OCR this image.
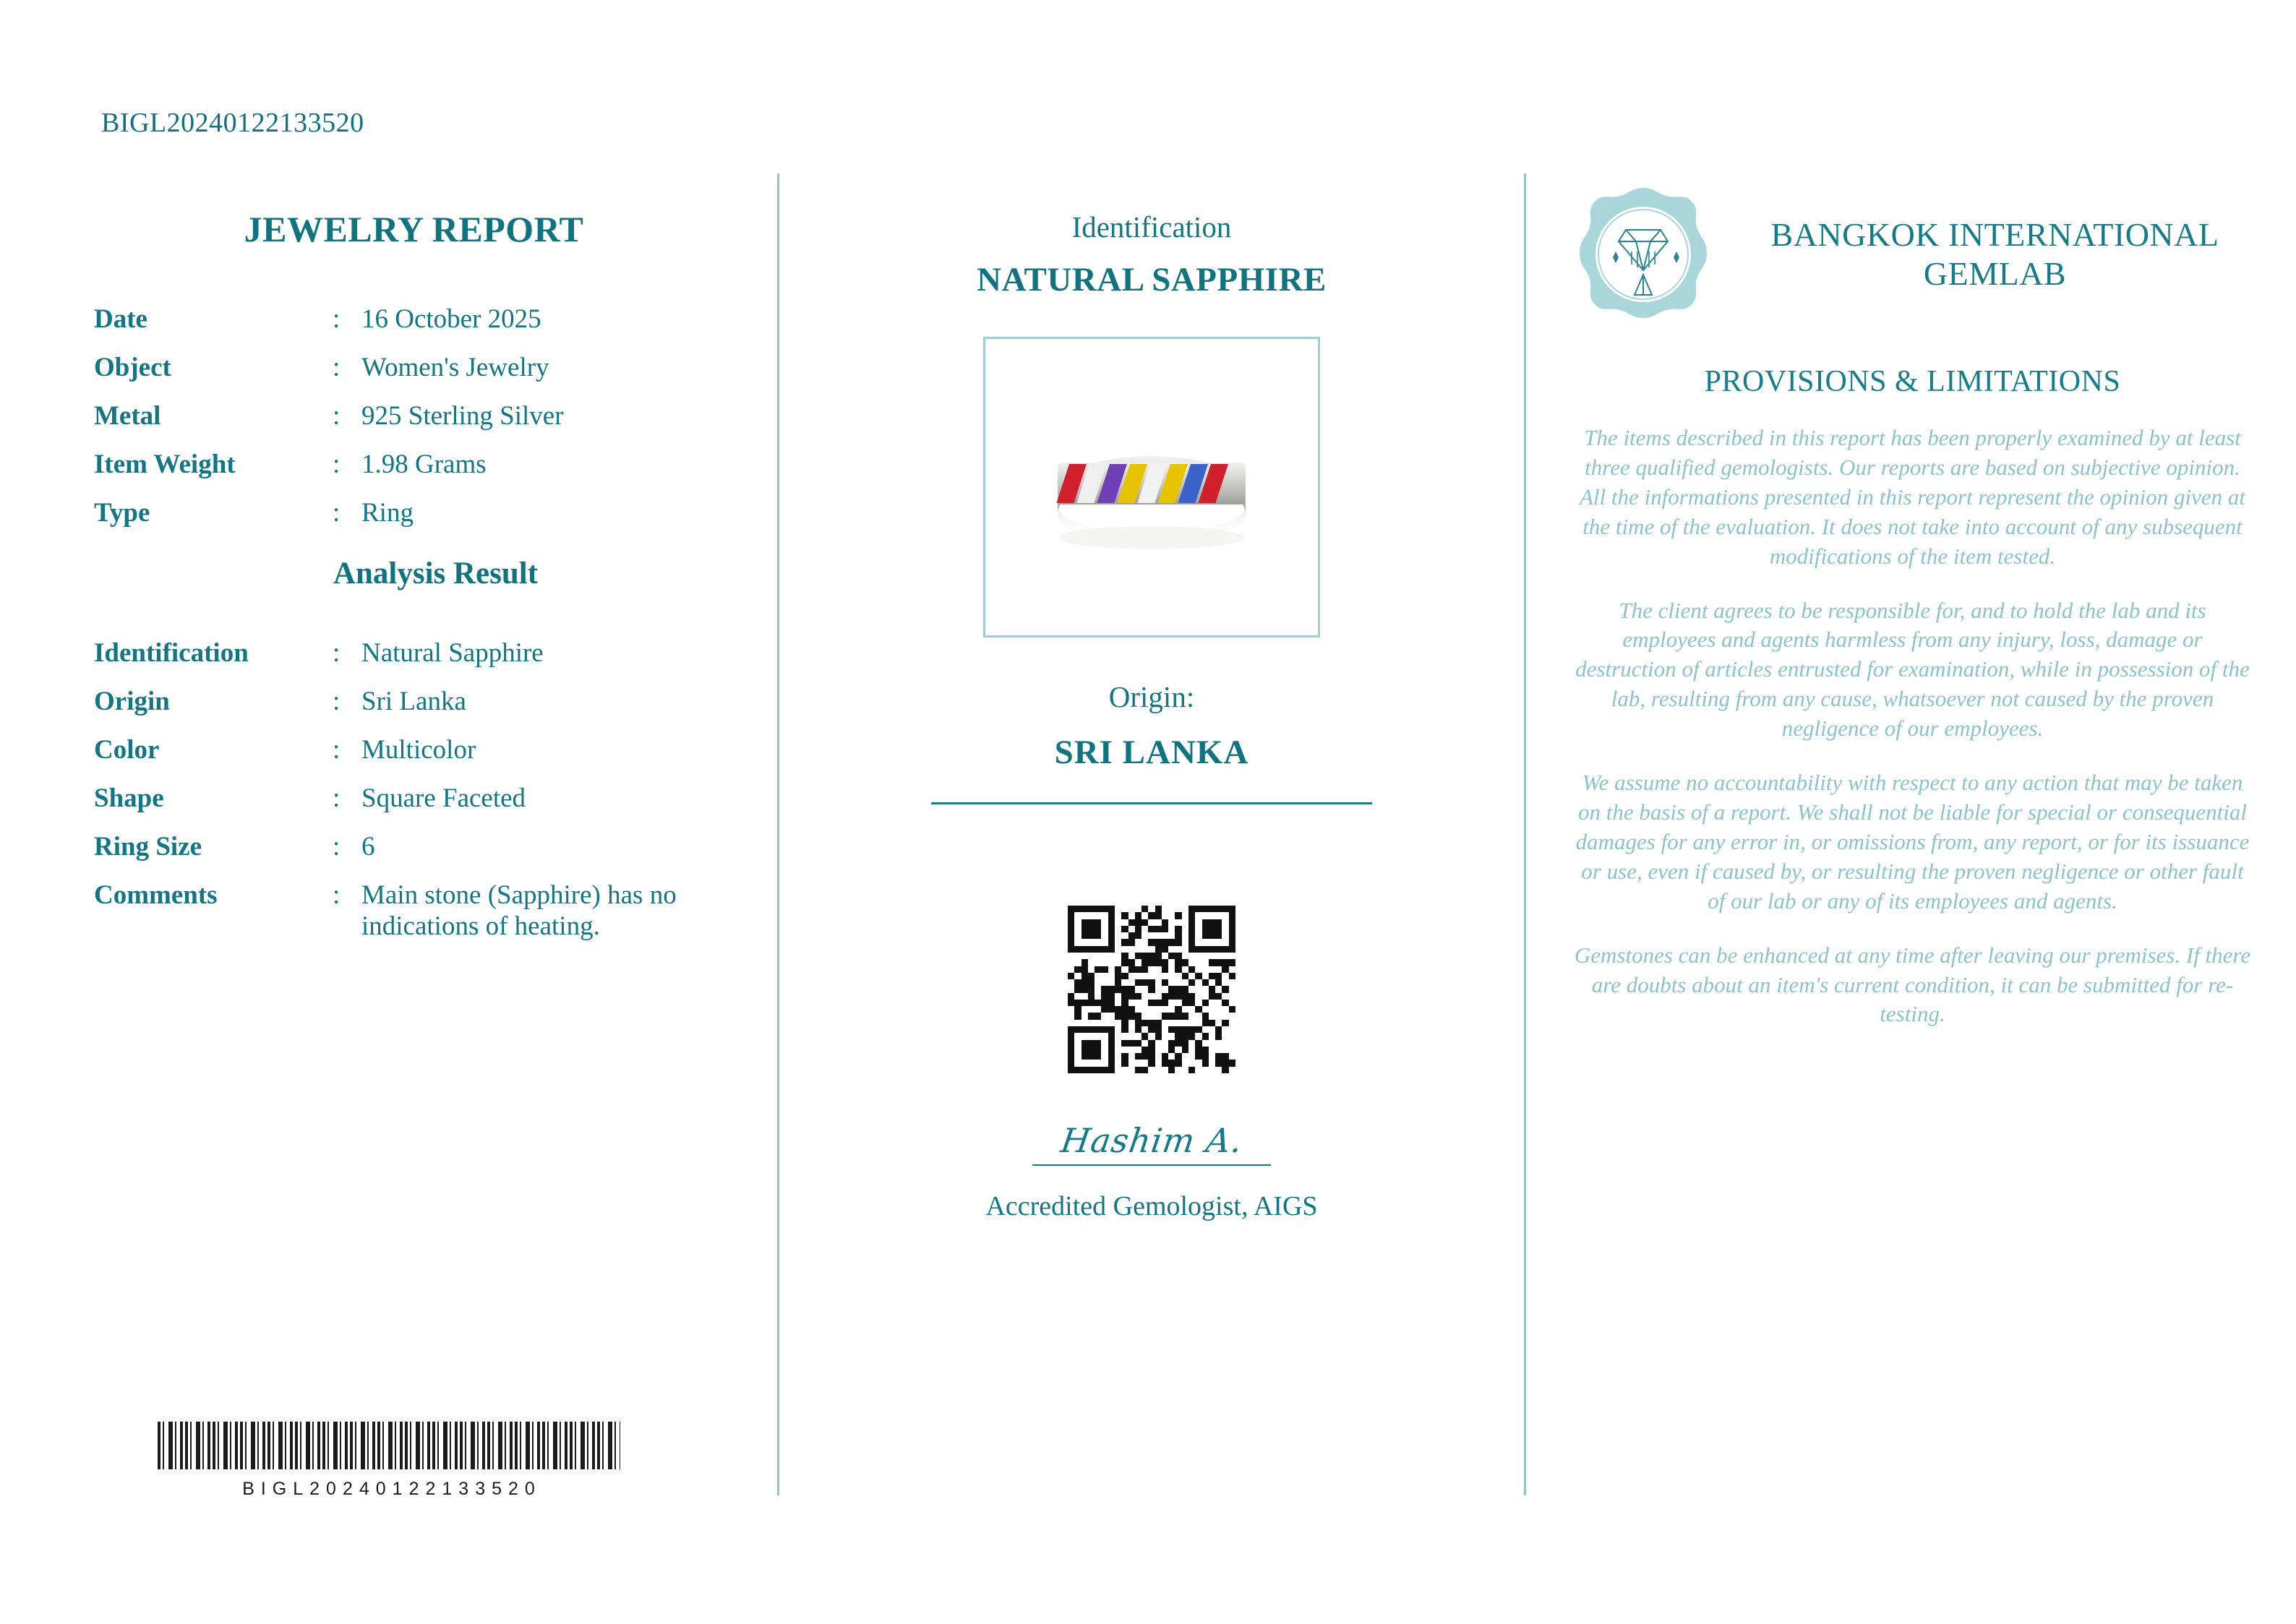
BIGL20240122133520
JEWELRY REPORT
Date	:	16 October 2025
Object	:	Women's Jewelry
Metal	:	925 Sterling Silver
Item Weight	:	1.98 Grams
Type	:	Ring
Analysis Result
Identification	:	Natural Sapphire
Origin	:	Sri Lanka
Color	:	Multicolor
Shape	:	Square Faceted
Ring Size	:	6
Comments	:	Main stone (Sapphire) has no indications of heating.
BIGL20240122133520
Identification
NATURAL SAPPHIRE
Origin:
SRI LANKA
Hashim A.
Accredited Gemologist, AIGS
BANGKOK INTERNATIONAL GEMLAB
PROVISIONS & LIMITATIONS
The items described in this report has been properly examined by at least three qualified gemologists. Our reports are based on subjective opinion. All the informations presented in this report represent the opinion given at the time of the evaluation. It does not take into account of any subsequent modifications of the item tested.
The client agrees to be responsible for, and to hold the lab and its employees and agents harmless from any injury, loss, damage or destruction of articles entrusted for examination, while in possession of the lab, resulting from any cause, whatsoever not caused by the proven negligence of our employees.
We assume no accountability with respect to any action that may be taken on the basis of a report. We shall not be liable for special or consequential damages for any error in, or omissions from, any report, or for its issuance or use, even if caused by, or resulting the proven negligence or other fault of our lab or any of its employees and agents.
Gemstones can be enhanced at any time after leaving our premises. If there are doubts about an item's current condition, it can be submitted for re-testing.
